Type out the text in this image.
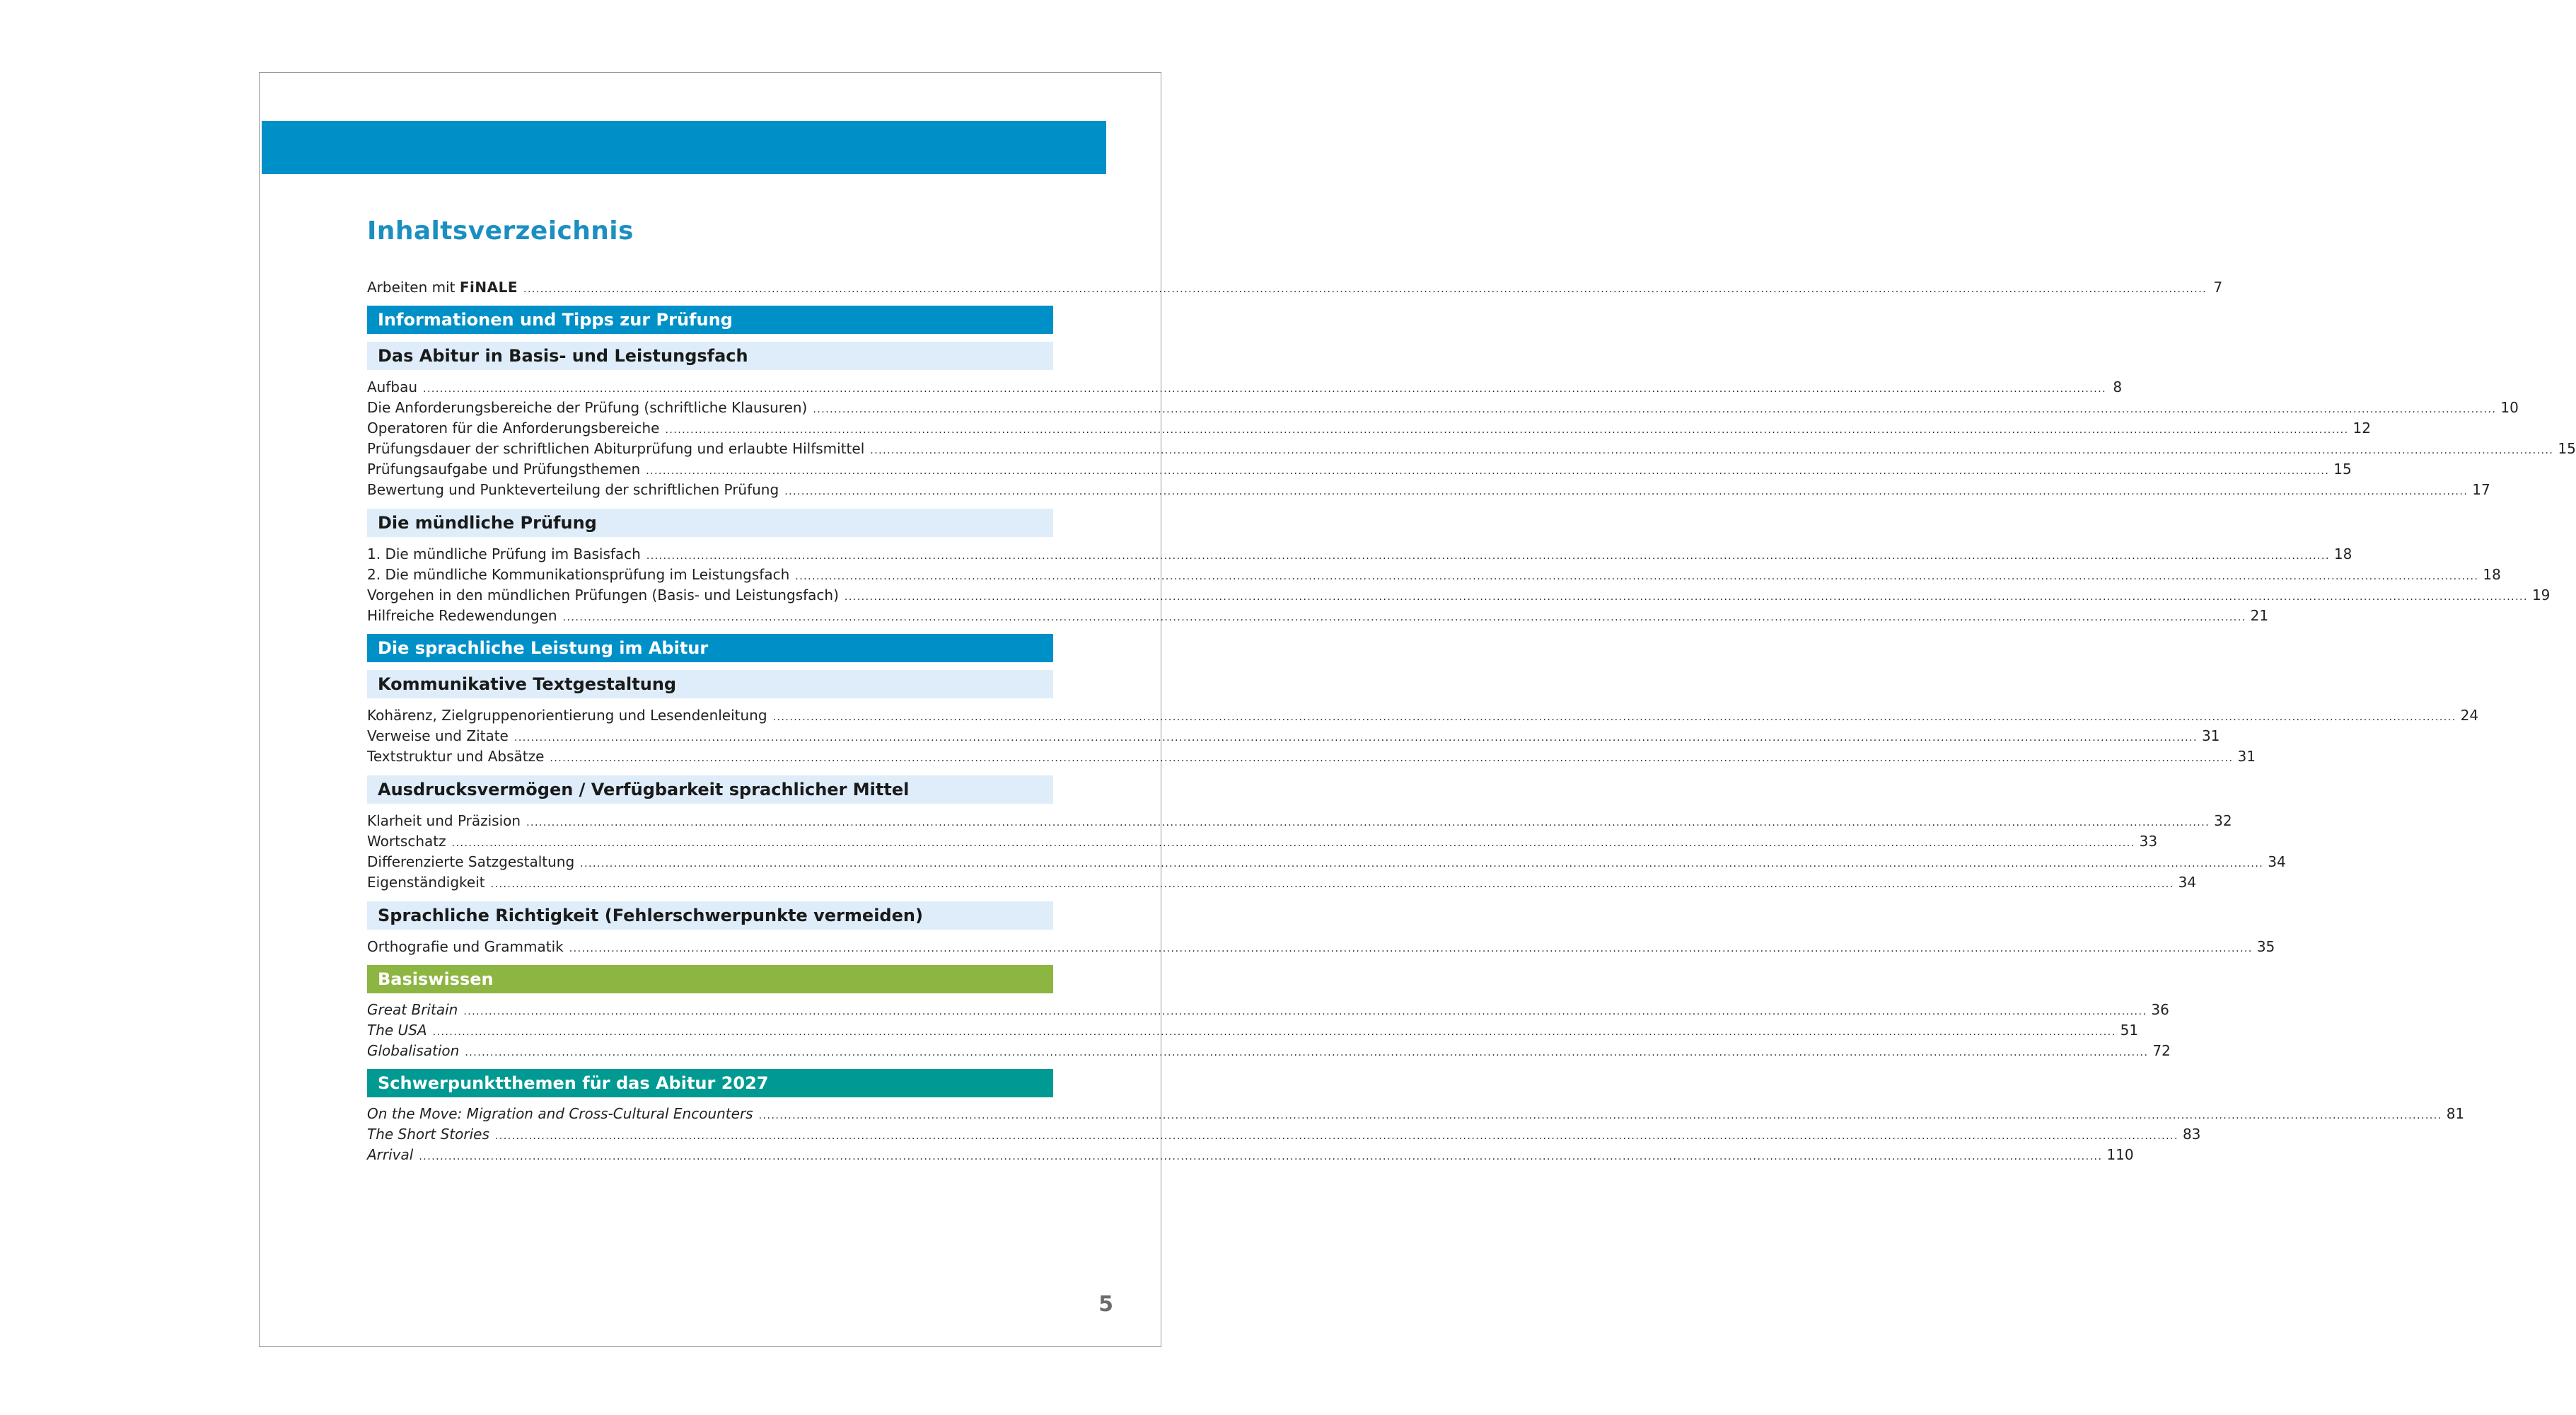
Inhaltsverzeichnis
Arbeiten mit FiNALE ................................................................................................................................................................................................................................................................................................................................................................................................................ 7
Informationen und Tipps zur Prüfung
Das Abitur in Basis- und Leistungsfach
Aufbau ................................................................................................................................................................................................................................................................................................................................................................................................................ 8
Die Anforderungsbereiche der Prüfung (schriftliche Klausuren) ................................................................................................................................................................................................................................................................................................................................................................................................................ 10
Operatoren für die Anforderungsbereiche ................................................................................................................................................................................................................................................................................................................................................................................................................ 12
Prüfungsdauer der schriftlichen Abiturprüfung und erlaubte Hilfsmittel ................................................................................................................................................................................................................................................................................................................................................................................................................ 15
Prüfungsaufgabe und Prüfungsthemen ................................................................................................................................................................................................................................................................................................................................................................................................................ 15
Bewertung und Punkteverteilung der schriftlichen Prüfung ................................................................................................................................................................................................................................................................................................................................................................................................................ 17
Die mündliche Prüfung
1. Die mündliche Prüfung im Basisfach ................................................................................................................................................................................................................................................................................................................................................................................................................ 18
2. Die mündliche Kommunikationsprüfung im Leistungsfach ................................................................................................................................................................................................................................................................................................................................................................................................................ 18
Vorgehen in den mündlichen Prüfungen (Basis- und Leistungsfach) ................................................................................................................................................................................................................................................................................................................................................................................................................ 19
Hilfreiche Redewendungen ................................................................................................................................................................................................................................................................................................................................................................................................................ 21
Die sprachliche Leistung im Abitur
Kommunikative Textgestaltung
Kohärenz, Zielgruppenorientierung und Lesendenleitung ................................................................................................................................................................................................................................................................................................................................................................................................................ 24
Verweise und Zitate ................................................................................................................................................................................................................................................................................................................................................................................................................ 31
Textstruktur und Absätze ................................................................................................................................................................................................................................................................................................................................................................................................................ 31
Ausdrucksvermögen / Verfügbarkeit sprachlicher Mittel
Klarheit und Präzision ................................................................................................................................................................................................................................................................................................................................................................................................................ 32
Wortschatz ................................................................................................................................................................................................................................................................................................................................................................................................................ 33
Differenzierte Satzgestaltung ................................................................................................................................................................................................................................................................................................................................................................................................................ 34
Eigenständigkeit ................................................................................................................................................................................................................................................................................................................................................................................................................ 34
Sprachliche Richtigkeit (Fehlerschwerpunkte vermeiden)
Orthografie und Grammatik ................................................................................................................................................................................................................................................................................................................................................................................................................ 35
Basiswissen
Great Britain ................................................................................................................................................................................................................................................................................................................................................................................................................ 36
The USA ................................................................................................................................................................................................................................................................................................................................................................................................................ 51
Globalisation ................................................................................................................................................................................................................................................................................................................................................................................................................ 72
Schwerpunktthemen für das Abitur 2027
On the Move: Migration and Cross-Cultural Encounters ................................................................................................................................................................................................................................................................................................................................................................................................................ 81
The Short Stories ................................................................................................................................................................................................................................................................................................................................................................................................................ 83
Arrival ................................................................................................................................................................................................................................................................................................................................................................................................................ 110
5
